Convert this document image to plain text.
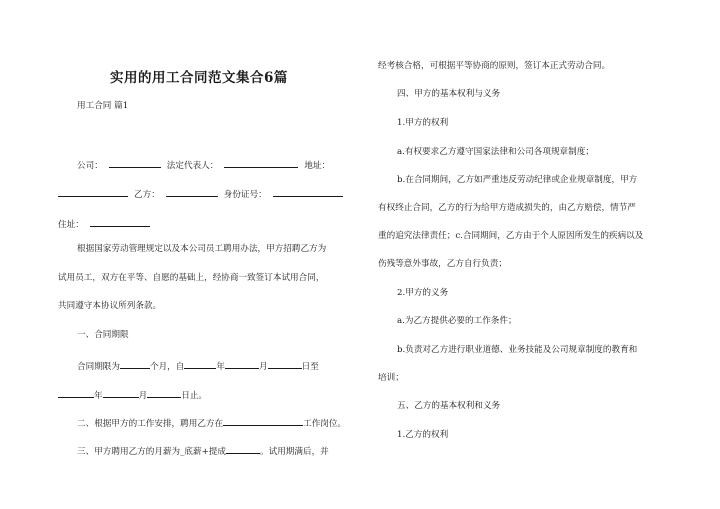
实用的用工合同范文集合6篇
用工合同 篇1
公司：	法定代表人：	地址：
乙方：	身份证号：
住址：
根据国家劳动管理规定以及本公司员工聘用办法，甲方招聘乙方为
试用员工，双方在平等、自愿的基础上，经协商一致签订本试用合同，
共同遵守本协议所列条款。
一、合同期限
合同期限为	个月，自	年	月	日至
年	月	日止。
二、根据甲方的工作安排，聘用乙方在	工作岗位。
三、甲方聘用乙方的月薪为_底薪+提成	。试用期满后，并
经考核合格，可根据平等协商的原则，签订本正式劳动合同。
四、甲方的基本权利与义务
1.甲方的权利
a.有权要求乙方遵守国家法律和公司各项规章制度；
b.在合同期间，乙方如严重违反劳动纪律或企业规章制度，甲方
有权终止合同，乙方的行为给甲方造成损失的，由乙方赔偿，情节严
重的追究法律责任；c.合同期间，乙方由于个人原因所发生的疾病以及
伤残等意外事故，乙方自行负责；
2.甲方的义务
a.为乙方提供必要的工作条件；
b.负责对乙方进行职业道德、业务技能及公司规章制度的教育和
培训；
五、乙方的基本权利和义务
1.乙方的权利
